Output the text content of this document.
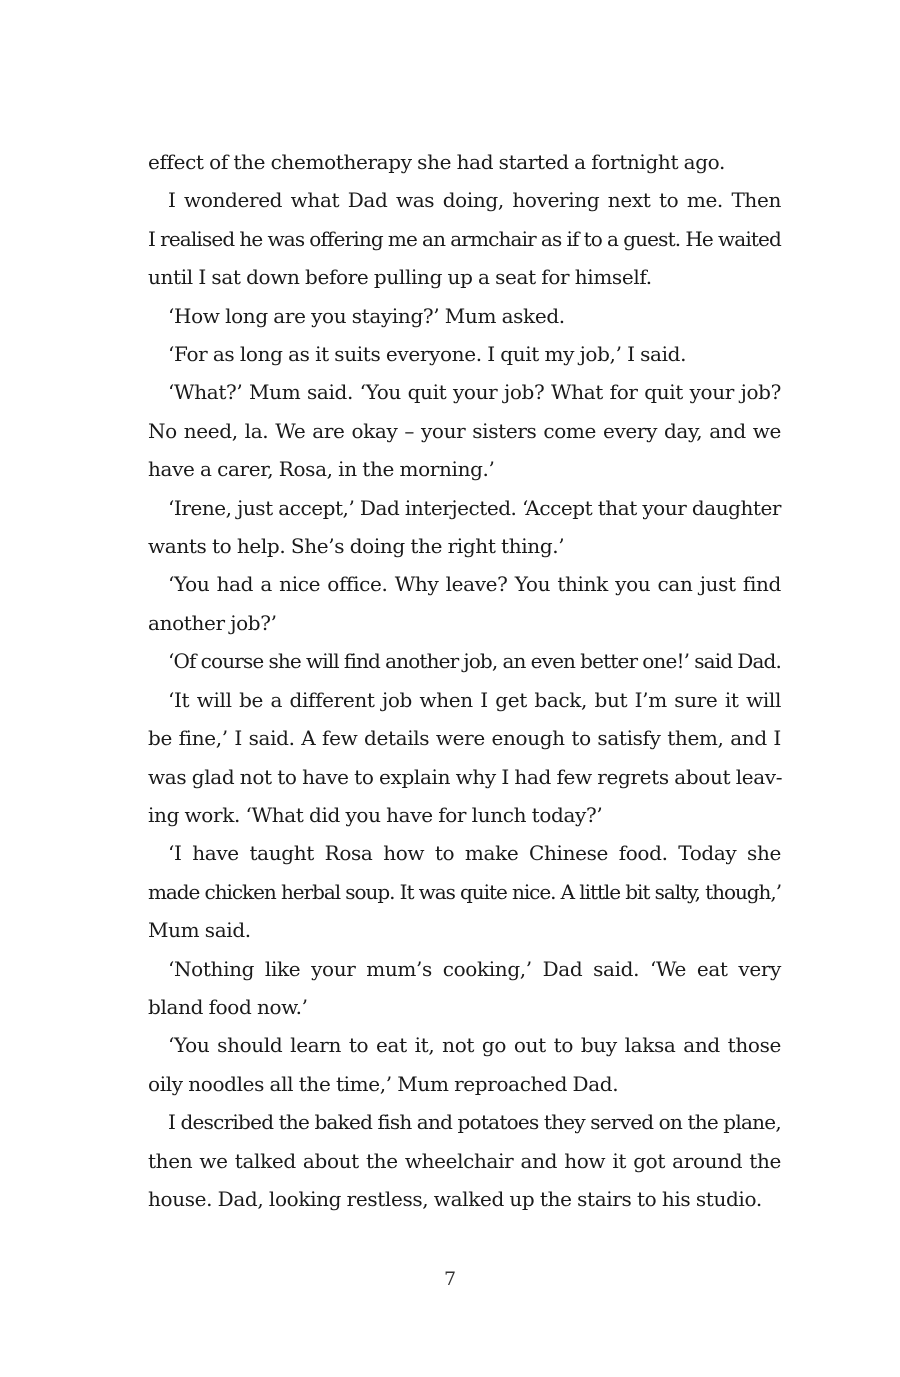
effect of the chemotherapy she had started a fortnight ago.
I wondered what Dad was doing, hovering next to me. Then
I realised he was offering me an armchair as if to a guest. He waited
until I sat down before pulling up a seat for himself.
‘How long are you staying?’ Mum asked.
‘For as long as it suits everyone. I quit my job,’ I said.
‘What?’ Mum said. ‘You quit your job? What for quit your job?
No need, la. We are okay – your sisters come every day, and we
have a carer, Rosa, in the morning.’
‘Irene, just accept,’ Dad interjected. ‘Accept that your daughter
wants to help. She’s doing the right thing.’
‘You had a nice office. Why leave? You think you can just find
another job?’
‘Of course she will find another job, an even better one!’ said Dad.
‘It will be a different job when I get back, but I’m sure it will
be fine,’ I said. A few details were enough to satisfy them, and I
was glad not to have to explain why I had few regrets about leav-
ing work. ‘What did you have for lunch today?’
‘I have taught Rosa how to make Chinese food. Today she
made chicken herbal soup. It was quite nice. A little bit salty, though,’
Mum said.
‘Nothing like your mum’s cooking,’ Dad said. ‘We eat very
bland food now.’
‘You should learn to eat it, not go out to buy laksa and those
oily noodles all the time,’ Mum reproached Dad.
I described the baked fish and potatoes they served on the plane,
then we talked about the wheelchair and how it got around the
house. Dad, looking restless, walked up the stairs to his studio.
7
